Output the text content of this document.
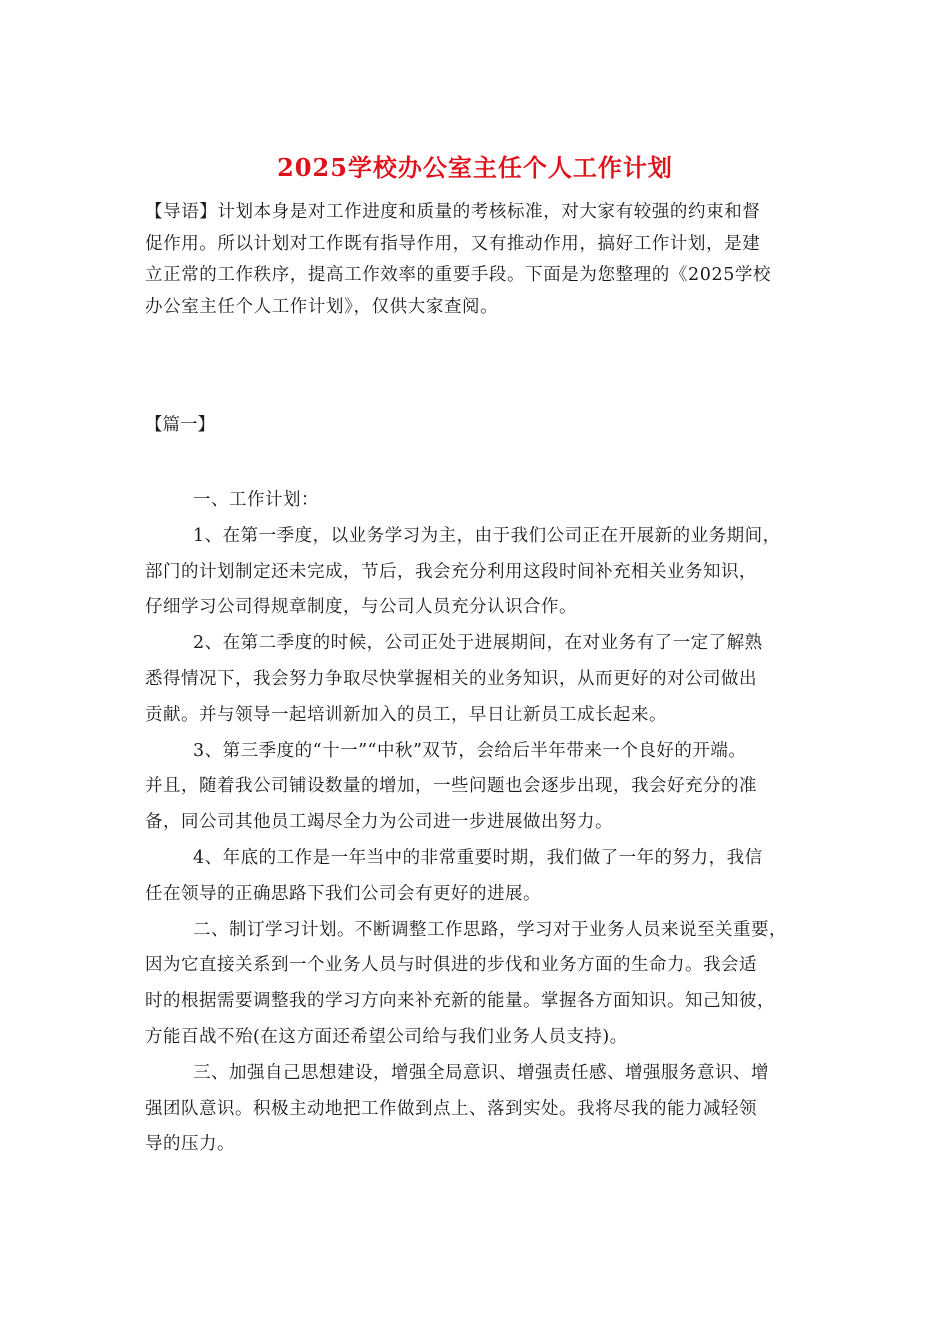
2025学校办公室主任个人工作计划

【导语】计划本身是对工作进度和质量的考核标准，对大家有较强的约束和督
促作用。所以计划对工作既有指导作用，又有推动作用，搞好工作计划，是建
立正常的工作秩序，提高工作效率的重要手段。下面是为您整理的《2025学校
办公室主任个人工作计划》，仅供大家查阅。

【篇一】

一、工作计划：

1、在第一季度，以业务学习为主，由于我们公司正在开展新的业务期间，
部门的计划制定还未完成，节后，我会充分利用这段时间补充相关业务知识，
仔细学习公司得规章制度，与公司人员充分认识合作。

2、在第二季度的时候，公司正处于进展期间，在对业务有了一定了解熟
悉得情况下，我会努力争取尽快掌握相关的业务知识，从而更好的对公司做出
贡献。并与领导一起培训新加入的员工，早日让新员工成长起来。

3、第三季度的“十一”“中秋”双节，会给后半年带来一个良好的开端。
并且，随着我公司铺设数量的增加，一些问题也会逐步出现，我会好充分的准
备，同公司其他员工竭尽全力为公司进一步进展做出努力。

4、年底的工作是一年当中的非常重要时期，我们做了一年的努力，我信
任在领导的正确思路下我们公司会有更好的进展。

二、制订学习计划。不断调整工作思路，学习对于业务人员来说至关重要，
因为它直接关系到一个业务人员与时俱进的步伐和业务方面的生命力。我会适
时的根据需要调整我的学习方向来补充新的能量。掌握各方面知识。知己知彼，
方能百战不殆(在这方面还希望公司给与我们业务人员支持)。

三、加强自己思想建设，增强全局意识、增强责任感、增强服务意识、增
强团队意识。积极主动地把工作做到点上、落到实处。我将尽我的能力减轻领
导的压力。
